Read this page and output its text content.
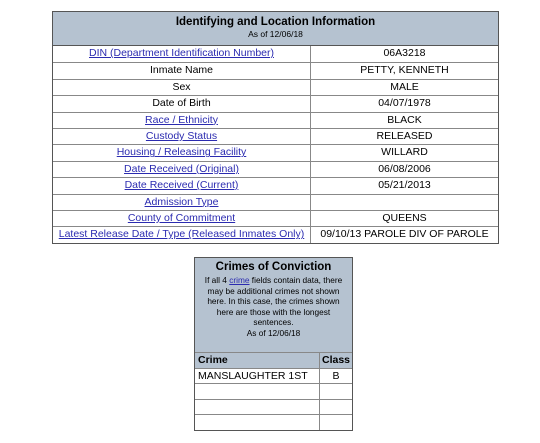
Identifying and Location Information
As of 12/06/18
DIN (Department Identification Number)	06A3218
Inmate Name	PETTY, KENNETH
Sex	MALE
Date of Birth	04/07/1978
Race / Ethnicity	BLACK
Custody Status	RELEASED
Housing / Releasing Facility	WILLARD
Date Received (Original)	06/08/2006
Date Received (Current)	05/21/2013
Admission Type
County of Commitment	QUEENS
Latest Release Date / Type (Released Inmates Only)	09/10/13 PAROLE DIV OF PAROLE
Crimes of Conviction
If all 4 crime fields contain data, there may be additional crimes not shown here. In this case, the crimes shown here are those with the longest sentences.
As of 12/06/18
Crime	Class
MANSLAUGHTER 1ST	B
